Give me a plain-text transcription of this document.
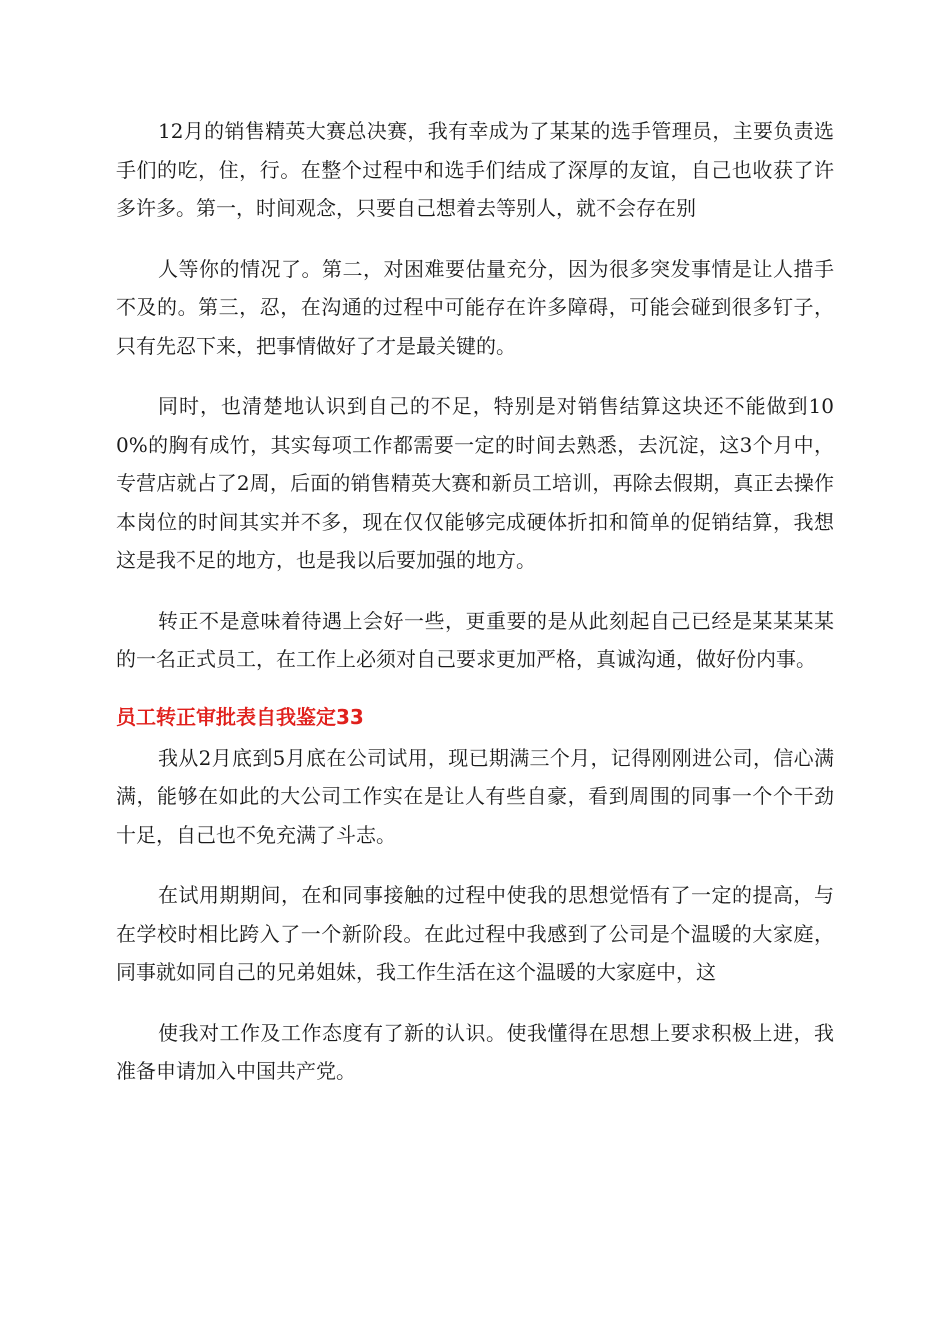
12月的销售精英大赛总决赛，我有幸成为了某某的选手管理员，主要负责选手们的吃，住，行。在整个过程中和选手们结成了深厚的友谊，自己也收获了许多许多。第一，时间观念，只要自己想着去等别人，就不会存在别

人等你的情况了。第二，对困难要估量充分，因为很多突发事情是让人措手不及的。第三，忍，在沟通的过程中可能存在许多障碍，可能会碰到很多钉子，只有先忍下来，把事情做好了才是最关键的。

同时，也清楚地认识到自己的不足，特别是对销售结算这块还不能做到100%的胸有成竹，其实每项工作都需要一定的时间去熟悉，去沉淀，这3个月中，专营店就占了2周，后面的销售精英大赛和新员工培训，再除去假期，真正去操作本岗位的时间其实并不多，现在仅仅能够完成硬体折扣和简单的促销结算，我想这是我不足的地方，也是我以后要加强的地方。

转正不是意味着待遇上会好一些，更重要的是从此刻起自己已经是某某某某的一名正式员工，在工作上必须对自己要求更加严格，真诚沟通，做好份内事。

员工转正审批表自我鉴定33

我从2月底到5月底在公司试用，现已期满三个月，记得刚刚进公司，信心满满，能够在如此的大公司工作实在是让人有些自豪，看到周围的同事一个个干劲十足，自己也不免充满了斗志。

在试用期期间，在和同事接触的过程中使我的思想觉悟有了一定的提高，与在学校时相比跨入了一个新阶段。在此过程中我感到了公司是个温暖的大家庭，同事就如同自己的兄弟姐妹，我工作生活在这个温暖的大家庭中，这

使我对工作及工作态度有了新的认识。使我懂得在思想上要求积极上进，我准备申请加入中国共产党。
